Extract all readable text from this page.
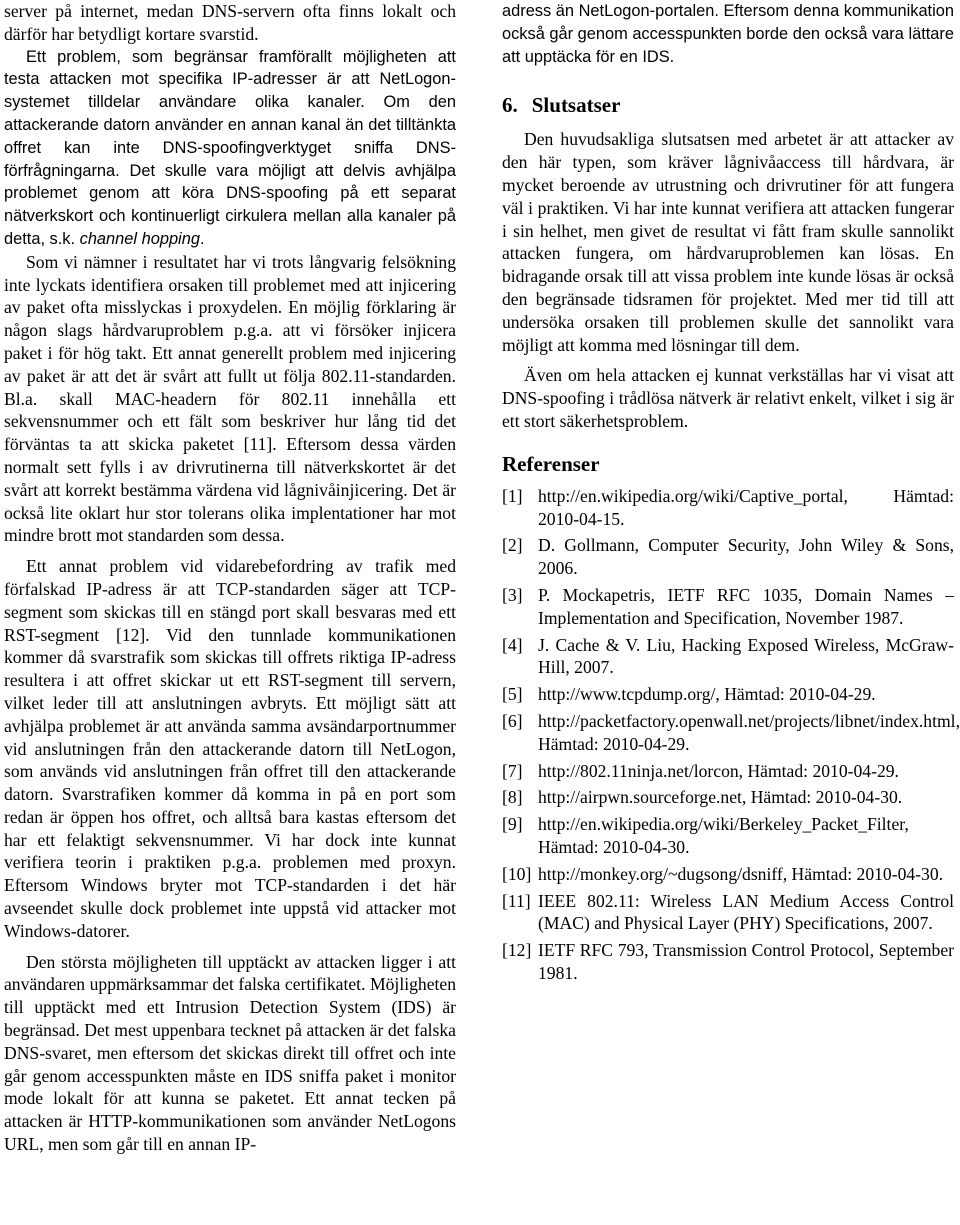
server på internet, medan DNS-servern ofta finns lokalt och därför har betydligt kortare svarstid.

Ett problem, som begränsar framförallt möjligheten att testa attacken mot specifika IP-adresser är att NetLogon-systemet tilldelar användare olika kanaler. Om den attackerande datorn använder en annan kanal än det tilltänkta offret kan inte DNS-spoofingverktyget sniffa DNS-förfrågningarna. Det skulle vara möjligt att delvis avhjälpa problemet genom att köra DNS-spoofing på ett separat nätverkskort och kontinuerligt cirkulera mellan alla kanaler på detta, s.k. channel hopping.

Som vi nämner i resultatet har vi trots långvarig felsökning inte lyckats identifiera orsaken till problemet med att injicering av paket ofta misslyckas i proxydelen. En möjlig förklaring är någon slags hårdvaruproblem p.g.a. att vi försöker injicera paket i för hög takt. Ett annat generellt problem med injicering av paket är att det är svårt att fullt ut följa 802.11-standarden. Bl.a. skall MAC-headern för 802.11 innehålla ett sekvensnummer och ett fält som beskriver hur lång tid det förväntas ta att skicka paketet [11]. Eftersom dessa värden normalt sett fylls i av drivrutinerna till nätverkskortet är det svårt att korrekt bestämma värdena vid lågnivåinjicering. Det är också lite oklart hur stor tolerans olika implentationer har mot mindre brott mot standarden som dessa.

Ett annat problem vid vidarebefordring av trafik med förfalskad IP-adress är att TCP-standarden säger att TCP-segment som skickas till en stängd port skall besvaras med ett RST-segment [12]. Vid den tunnlade kommunikationen kommer då svarstrafik som skickas till offrets riktiga IP-adress resultera i att offret skickar ut ett RST-segment till servern, vilket leder till att anslutningen avbryts. Ett möjligt sätt att avhjälpa problemet är att använda samma avsändarportnummer vid anslutningen från den attackerande datorn till NetLogon, som används vid anslutningen från offret till den attackerande datorn. Svarstrafiken kommer då komma in på en port som redan är öppen hos offret, och alltså bara kastas eftersom det har ett felaktigt sekvensnummer. Vi har dock inte kunnat verifiera teorin i praktiken p.g.a. problemen med proxyn. Eftersom Windows bryter mot TCP-standarden i det här avseendet skulle dock problemet inte uppstå vid attacker mot Windows-datorer.

Den största möjligheten till upptäckt av attacken ligger i att användaren uppmärksammar det falska certifikatet. Möjligheten till upptäckt med ett Intrusion Detection System (IDS) är begränsad. Det mest uppenbara tecknet på attacken är det falska DNS-svaret, men eftersom det skickas direkt till offret och inte går genom accesspunkten måste en IDS sniffa paket i monitor mode lokalt för att kunna se paketet. Ett annat tecken på attacken är HTTP-kommunikationen som använder NetLogons URL, men som går till en annan IP-

adress än NetLogon-portalen. Eftersom denna kommunikation också går genom accesspunkten borde den också vara lättare att upptäcka för en IDS.

6. Slutsatser

Den huvudsakliga slutsatsen med arbetet är att attacker av den här typen, som kräver lågnivåaccess till hårdvara, är mycket beroende av utrustning och drivrutiner för att fungera väl i praktiken. Vi har inte kunnat verifiera att attacken fungerar i sin helhet, men givet de resultat vi fått fram skulle sannolikt attacken fungera, om hårdvaruproblemen kan lösas. En bidragande orsak till att vissa problem inte kunde lösas är också den begränsade tidsramen för projektet. Med mer tid till att undersöka orsaken till problemen skulle det sannolikt vara möjligt att komma med lösningar till dem.

Även om hela attacken ej kunnat verkställas har vi visat att DNS-spoofing i trådlösa nätverk är relativt enkelt, vilket i sig är ett stort säkerhetsproblem.

Referenser
[1] http://en.wikipedia.org/wiki/Captive_portal, Hämtad: 2010-04-15.
[2] D. Gollmann, Computer Security, John Wiley & Sons, 2006.
[3] P. Mockapetris, IETF RFC 1035, Domain Names – Implementation and Specification, November 1987.
[4] J. Cache & V. Liu, Hacking Exposed Wireless, McGraw-Hill, 2007.
[5] http://www.tcpdump.org/, Hämtad: 2010-04-29.
[6] http://packetfactory.openwall.net/projects/libnet/index.html, Hämtad: 2010-04-29.
[7] http://802.11ninja.net/lorcon, Hämtad: 2010-04-29.
[8] http://airpwn.sourceforge.net, Hämtad: 2010-04-30.
[9] http://en.wikipedia.org/wiki/Berkeley_Packet_Filter, Hämtad: 2010-04-30.
[10] http://monkey.org/~dugsong/dsniff, Hämtad: 2010-04-30.
[11] IEEE 802.11: Wireless LAN Medium Access Control (MAC) and Physical Layer (PHY) Specifications, 2007.
[12] IETF RFC 793, Transmission Control Protocol, September 1981.
